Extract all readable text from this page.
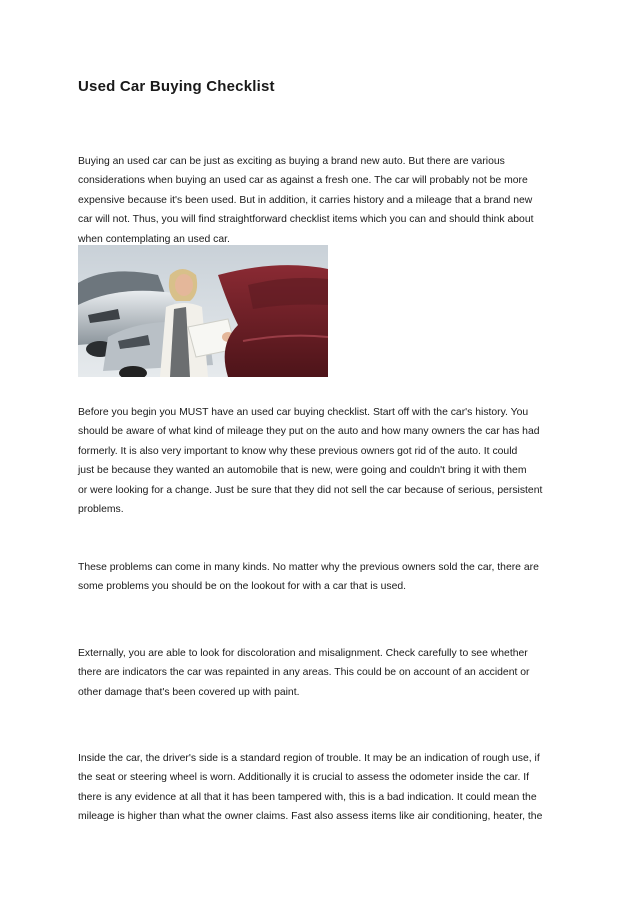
Used Car Buying Checklist

Buying an used car can be just as exciting as buying a brand new auto. But there are various
considerations when buying an used car as against a fresh one. The car will probably not be more
expensive because it's been used. But in addition, it carries history and a mileage that a brand new
car will not. Thus, you will find straightforward checklist items which you can and should think about
when contemplating an used car.

Before you begin you MUST have an used car buying checklist. Start off with the car's history. You
should be aware of what kind of mileage they put on the auto and how many owners the car has had
formerly. It is also very important to know why these previous owners got rid of the auto. It could
just be because they wanted an automobile that is new, were going and couldn't bring it with them
or were looking for a change. Just be sure that they did not sell the car because of serious, persistent
problems.

These problems can come in many kinds. No matter why the previous owners sold the car, there are
some problems you should be on the lookout for with a car that is used.

Externally, you are able to look for discoloration and misalignment. Check carefully to see whether
there are indicators the car was repainted in any areas. This could be on account of an accident or
other damage that's been covered up with paint.

Inside the car, the driver's side is a standard region of trouble. It may be an indication of rough use, if
the seat or steering wheel is worn. Additionally it is crucial to assess the odometer inside the car. If
there is any evidence at all that it has been tampered with, this is a bad indication. It could mean the
mileage is higher than what the owner claims. Fast also assess items like air conditioning, heater, the
